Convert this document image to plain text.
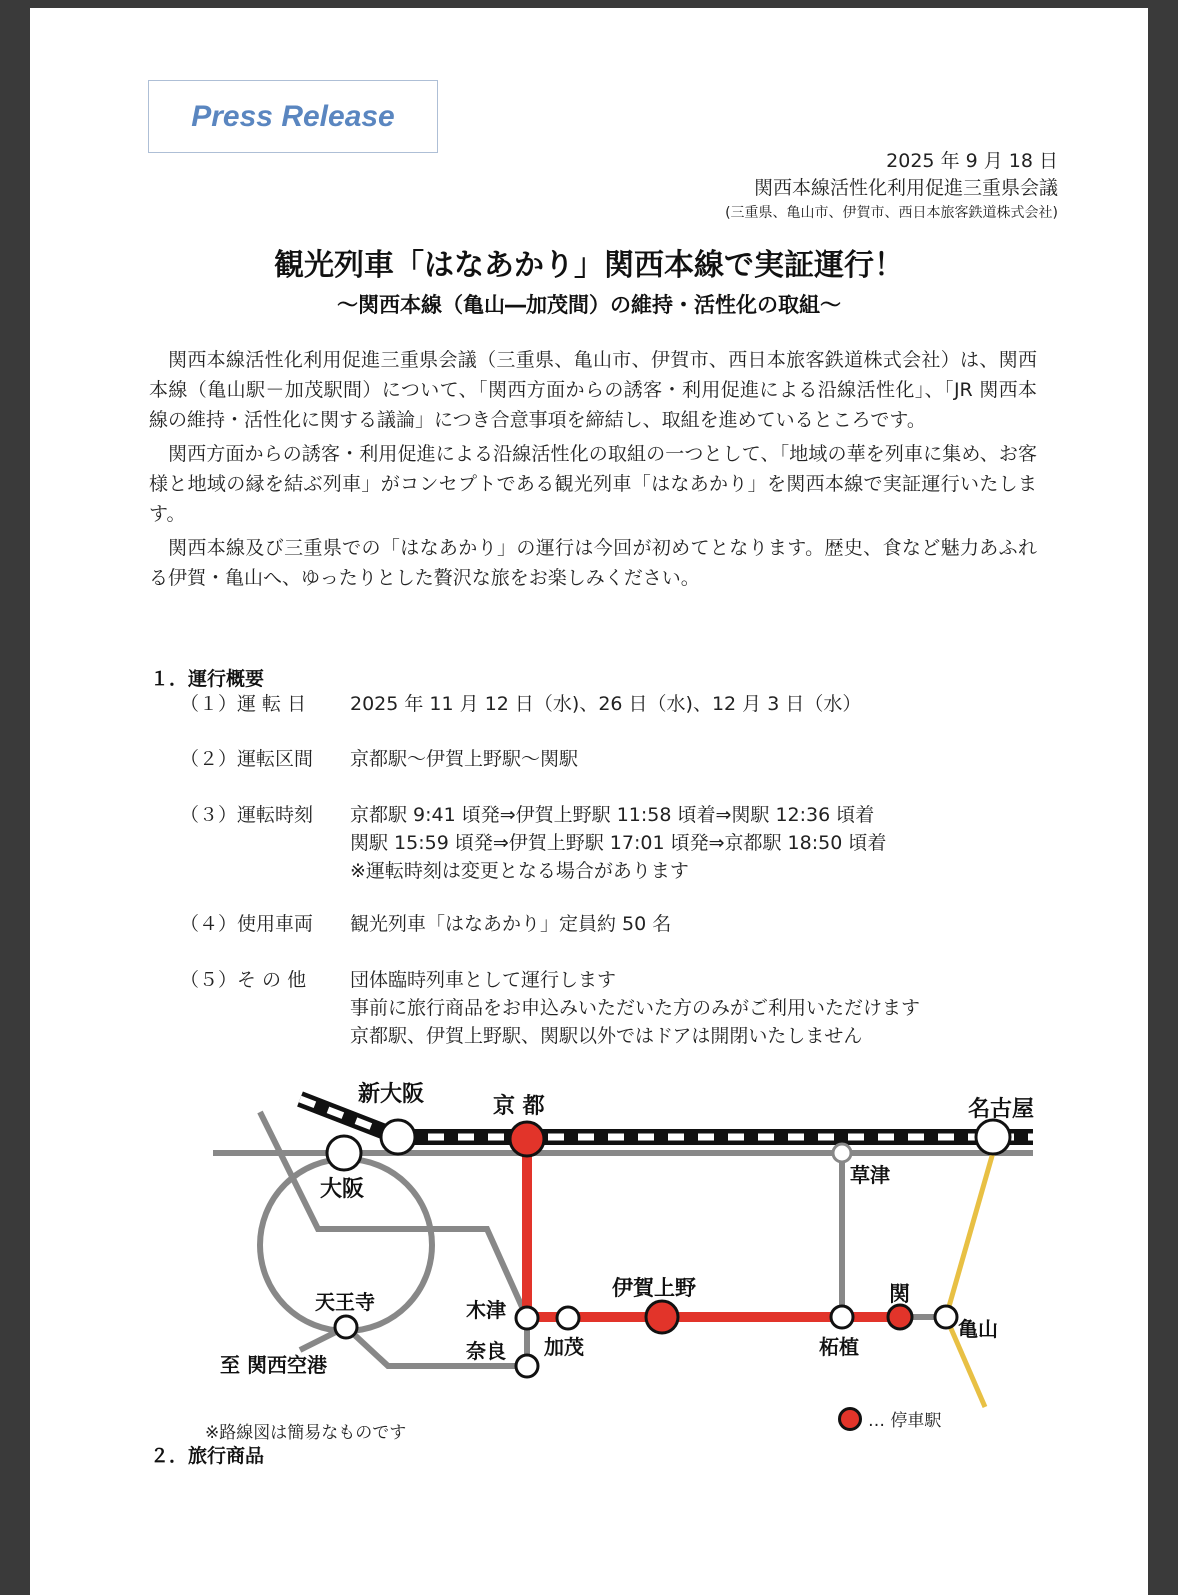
Press Release
2025 年 9 月 18 日
関西本線活性化利用促進三重県会議
(三重県、亀山市、伊賀市、西日本旅客鉄道株式会社)
観光列車「はなあかり」関西本線で実証運行！
〜関西本線（亀山―加茂間）の維持・活性化の取組〜

関西本線活性化利用促進三重県会議（三重県、亀山市、伊賀市、西日本旅客鉄道株式会社）は、関西本線（亀山駅－加茂駅間）について、「関西方面からの誘客・利用促進による沿線活性化」、「JR 関西本線の維持・活性化に関する議論」につき合意事項を締結し、取組を進めているところです。

関西方面からの誘客・利用促進による沿線活性化の取組の一つとして、「地域の華を列車に集め、お客様と地域の縁を結ぶ列車」がコンセプトである観光列車「はなあかり」を関西本線で実証運行いたします。

関西本線及び三重県での「はなあかり」の運行は今回が初めてとなります。歴史、食など魅力あふれる伊賀・亀山へ、ゆったりとした贅沢な旅をお楽しみください。

１．運行概要
（１）運 転 日	2025 年 11 月 12 日（水)、26 日（水)、12 月 3 日（水）
（２）運転区間	京都駅〜伊賀上野駅〜関駅
（３）運転時刻	京都駅 9:41 頃発⇒伊賀上野駅 11:58 頃着⇒関駅 12:36 頃着
関駅 15:59 頃発⇒伊賀上野駅 17:01 頃発⇒京都駅 18:50 頃着
※運転時刻は変更となる場合があります
（４）使用車両	観光列車「はなあかり」定員約 50 名
（５）そ の 他	団体臨時列車として運行します
事前に旅行商品をお申込みいただいた方のみがご利用いただけます
京都駅、伊賀上野駅、関駅以外ではドアは開閉いたしません
新大阪	京 都	名古屋
大阪
草津
天王寺
至 関西空港
木津
奈良 加茂
伊賀上野
柘植
関
亀山
… 停車駅
※路線図は簡易なものです
２．旅行商品
